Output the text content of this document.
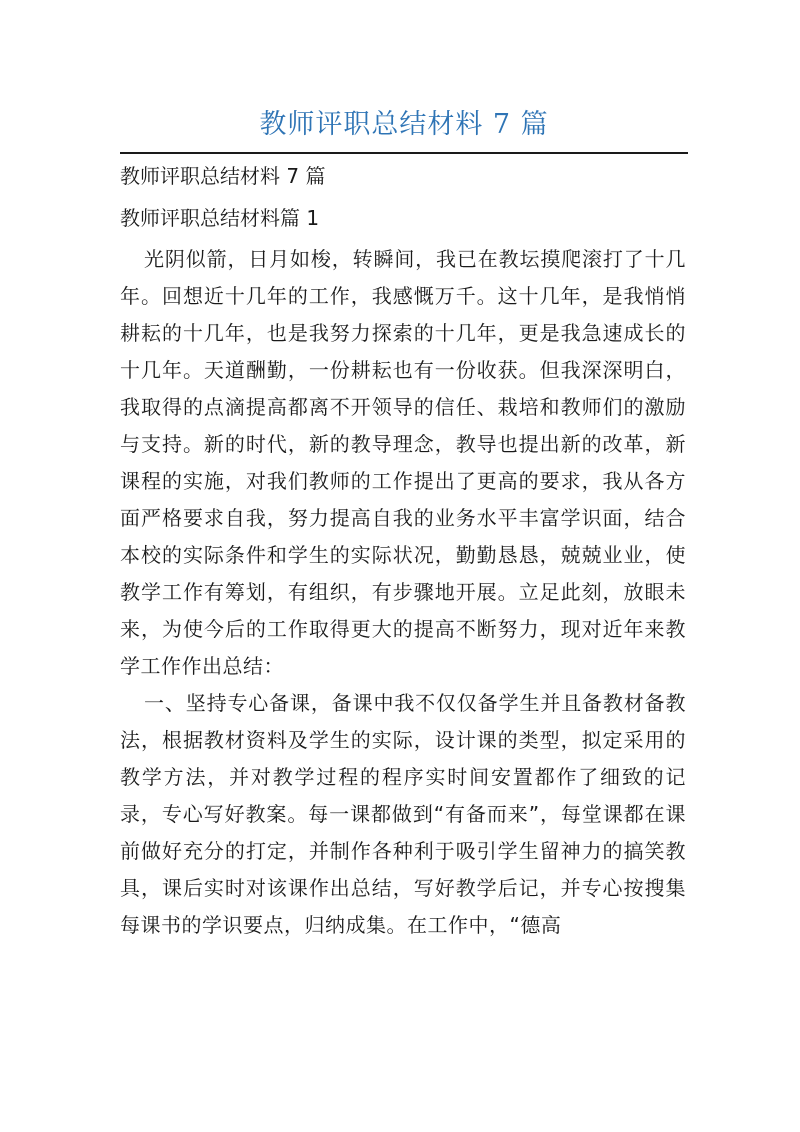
教师评职总结材料 7 篇
教师评职总结材料 7 篇
教师评职总结材料篇 1

光阴似箭，日月如梭，转瞬间，我已在教坛摸爬滚打了十几年。回想近十几年的工作，我感慨万千。这十几年，是我悄悄耕耘的十几年，也是我努力探索的十几年，更是我急速成长的十几年。天道酬勤，一份耕耘也有一份收获。但我深深明白，我取得的点滴提高都离不开领导的信任、栽培和教师们的激励与支持。新的时代，新的教导理念，教导也提出新的改革，新课程的实施，对我们教师的工作提出了更高的要求，我从各方面严格要求自我，努力提高自我的业务水平丰富学识面，结合本校的实际条件和学生的实际状况，勤勤恳恳，兢兢业业，使教学工作有筹划，有组织，有步骤地开展。立足此刻，放眼未来，为使今后的工作取得更大的提高不断努力，现对近年来教学工作作出总结：

一、坚持专心备课，备课中我不仅仅备学生并且备教材备教法，根据教材资料及学生的实际，设计课的类型，拟定采用的教学方法，并对教学过程的程序实时间安置都作了细致的记录，专心写好教案。每一课都做到“有备而来”，每堂课都在课前做好充分的打定，并制作各种利于吸引学生留神力的搞笑教具，课后实时对该课作出总结，写好教学后记，并专心按搜集每课书的学识要点，归纳成集。在工作中，“德高
